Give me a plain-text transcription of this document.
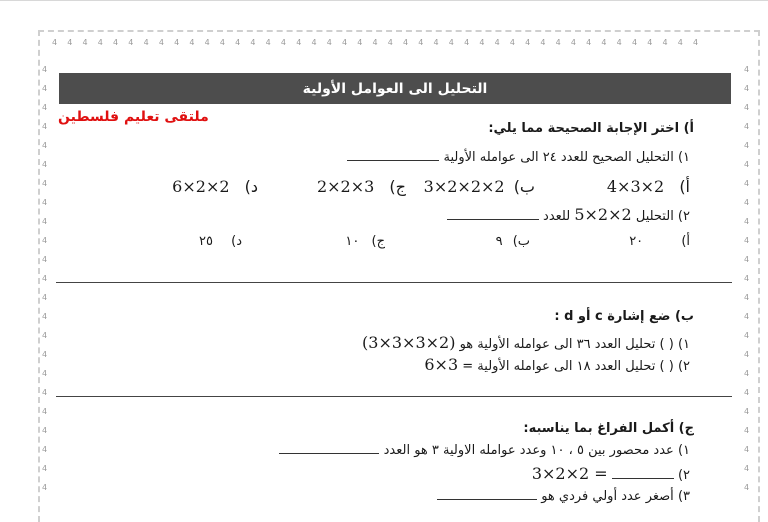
4    4    4    4    4    4    4    4    4    4    4    4    4    4    4    4    4    4    4    4    4    4    4    4    4    4    4    4    4    4    4    4    4    4    4    4    4    4    4    4    4    4    4
4
4
4
4
4
4
4
4
4
4
4
4
4
4
4
4
4
4
4
4
4
4
4
4
4
4
4
4
4
4
4
4
4
4
4
4
4
4
4
4
4
4
4
4
4
4
التحليل الى العوامل الأولية
ملتقى تعليم فلسطين
أ) اختر الإجابة الصحيحة مما يلي:
١) التحليل الصحيح للعدد ٢٤ الى عوامله الأولية
أ) 4×3×2
ب) 3×2×2×2
ج) 2×2×3
د) 6×2×2
٢) التحليل 5×2×2 للعدد
أ) ٢٠
ب) ٩
ج) ١٠
د) ٢٥
ب) ضع إشارة c أو d :
١) ( ) تحليل العدد ٣٦ الى عوامله الأولية هو (3×3×3×2)
٢) ( ) تحليل العدد ١٨ الى عوامله الأولية = 6×3
ج) أكمل الفراغ بما يناسبه:
١) عدد محصور بين ٥ ، ١٠ وعدد عوامله الاولية ٣ هو العدد
٢)  3×2×2 =
٣) أصغر عدد أولي فردي هو
